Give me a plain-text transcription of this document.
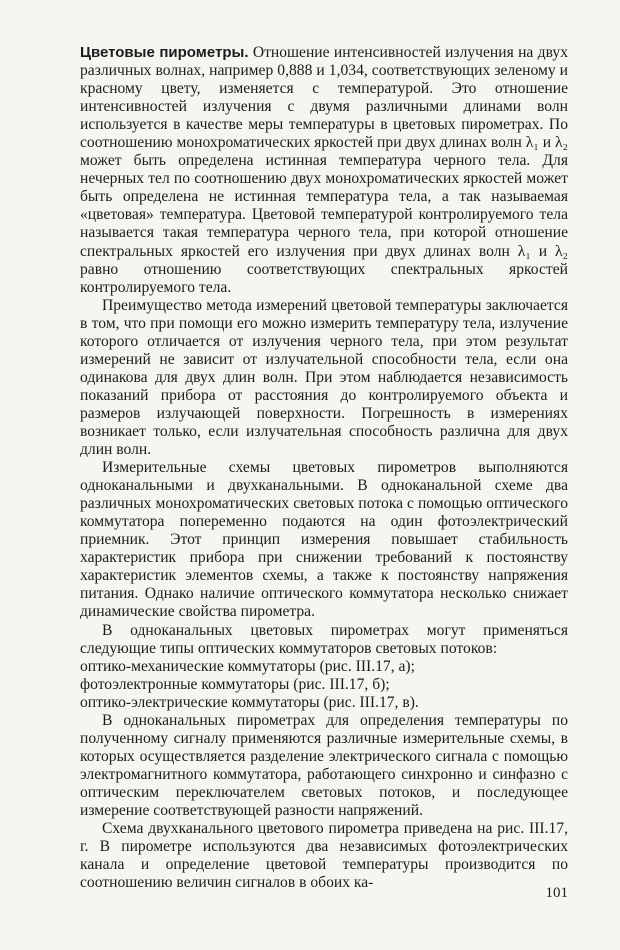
Цветовые пирометры. Отношение интенсивностей излучения на двух различных волнах, например 0,888 и 1,034, соответствующих зеленому и красному цвету, изменяется с температурой. Это отношение интенсивностей излучения с двумя различными длинами волн используется в качестве меры температуры в цветовых пирометрах. По соотношению монохроматических яркостей при двух длинах волн λ₁ и λ₂ может быть определена истинная температура черного тела. Для нечерных тел по соотношению двух монохроматических яркостей может быть определена не истинная температура тела, а так называемая «цветовая» температура. Цветовой температурой контролируемого тела называется такая температура черного тела, при которой отношение спектральных яркостей его излучения при двух длинах волн λ₁ и λ₂ равно отношению соответствующих спектральных яркостей контролируемого тела.

Преимущество метода измерений цветовой температуры заключается в том, что при помощи его можно измерить температуру тела, излучение которого отличается от излучения черного тела, при этом результат измерений не зависит от излучательной способности тела, если она одинакова для двух длин волн. При этом наблюдается независимость показаний прибора от расстояния до контролируемого объекта и размеров излучающей поверхности. Погрешность в измерениях возникает только, если излучательная способность различна для двух длин волн.

Измерительные схемы цветовых пирометров выполняются одноканальными и двухканальными. В одноканальной схеме два различных монохроматических световых потока с помощью оптического коммутатора попеременно подаются на один фотоэлектрический приемник. Этот принцип измерения повышает стабильность характеристик прибора при снижении требований к постоянству характеристик элементов схемы, а также к постоянству напряжения питания. Однако наличие оптического коммутатора несколько снижает динамические свойства пирометра.

В одноканальных цветовых пирометрах могут применяться следующие типы оптических коммутаторов световых потоков:

оптико-механические коммутаторы (рис. III.17, а);
фотоэлектронные коммутаторы (рис. III.17, б);
оптико-электрические коммутаторы (рис. III.17, в).

В одноканальных пирометрах для определения температуры по полученному сигналу применяются различные измерительные схемы, в которых осуществляется разделение электрического сигнала с помощью электромагнитного коммутатора, работающего синхронно и синфазно с оптическим переключателем световых потоков, и последующее измерение соответствующей разности напряжений.

Схема двухканального цветового пирометра приведена на рис. III.17, г. В пирометре используются два независимых фотоэлектрических канала и определение цветовой температуры производится по соотношению величин сигналов в обоих ка-

101
